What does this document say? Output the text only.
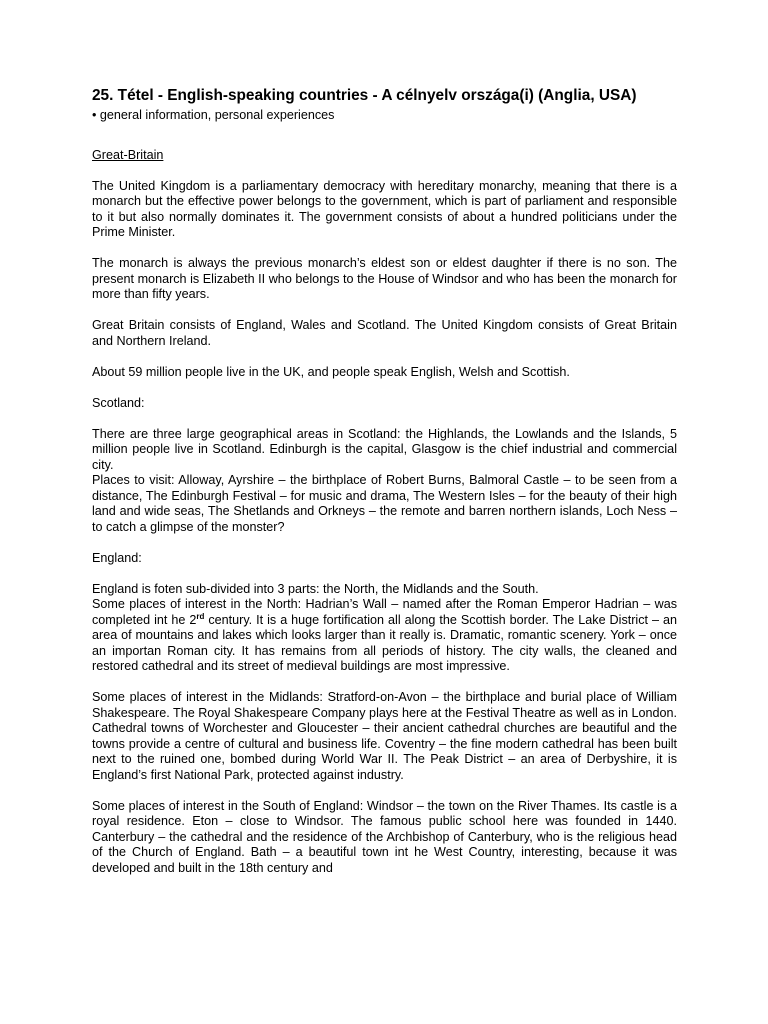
25. Tétel - English-speaking countries - A célnyelv országa(i) (Anglia, USA)

• general information, personal experiences

Great-Britain

The United Kingdom is a parliamentary democracy with hereditary monarchy, meaning that there is a monarch but the effective power belongs to the government, which is part of parliament and responsible to it but also normally dominates it. The government consists of about a hundred politicians under the Prime Minister.

The monarch is always the previous monarch’s eldest son or eldest daughter if there is no son. The present monarch is Elizabeth II who belongs to the House of Windsor and who has been the monarch for more than fifty years.

Great Britain consists of England, Wales and Scotland. The United Kingdom consists of Great Britain and Northern Ireland.

About 59 million people live in the UK, and people speak English, Welsh and Scottish.

Scotland:

There are three large geographical areas in Scotland: the Highlands, the Lowlands and the Islands, 5 million people live in Scotland. Edinburgh is the capital, Glasgow is the chief industrial and commercial city.

Places to visit: Alloway, Ayrshire – the birthplace of Robert Burns, Balmoral Castle – to be seen from a distance, The Edinburgh Festival – for music and drama, The Western Isles – for the beauty of their high land and wide seas, The Shetlands and Orkneys – the remote and barren northern islands, Loch Ness – to catch a glimpse of the monster?

England:

England is foten sub-divided into 3 parts: the North, the Midlands and the South.

Some places of interest in the North: Hadrian’s Wall – named after the Roman Emperor Hadrian – was completed int he 2rd century. It is a huge fortification all along the Scottish border. The Lake District – an area of mountains and lakes which looks larger than it really is. Dramatic, romantic scenery. York – once an importan Roman city. It has remains from all periods of history. The city walls, the cleaned and restored cathedral and its street of medieval buildings are most impressive.

Some places of interest in the Midlands: Stratford-on-Avon – the birthplace and burial place of William Shakespeare. The Royal Shakespeare Company plays here at the Festival Theatre as well as in London. Cathedral towns of Worchester and Gloucester – their ancient cathedral churches are beautiful and the towns provide a centre of cultural and business life. Coventry – the fine modern cathedral has been built next to the ruined one, bombed during World War II. The Peak District – an area of Derbyshire, it is England’s first National Park, protected against industry.

Some places of interest in the South of England: Windsor – the town on the River Thames. Its castle is a royal residence. Eton – close to Windsor. The famous public school here was founded in 1440. Canterbury – the cathedral and the residence of the Archbishop of Canterbury, who is the religious head of the Church of England. Bath – a beautiful town int he West Country, interesting, because it was developed and built in the 18th century and
